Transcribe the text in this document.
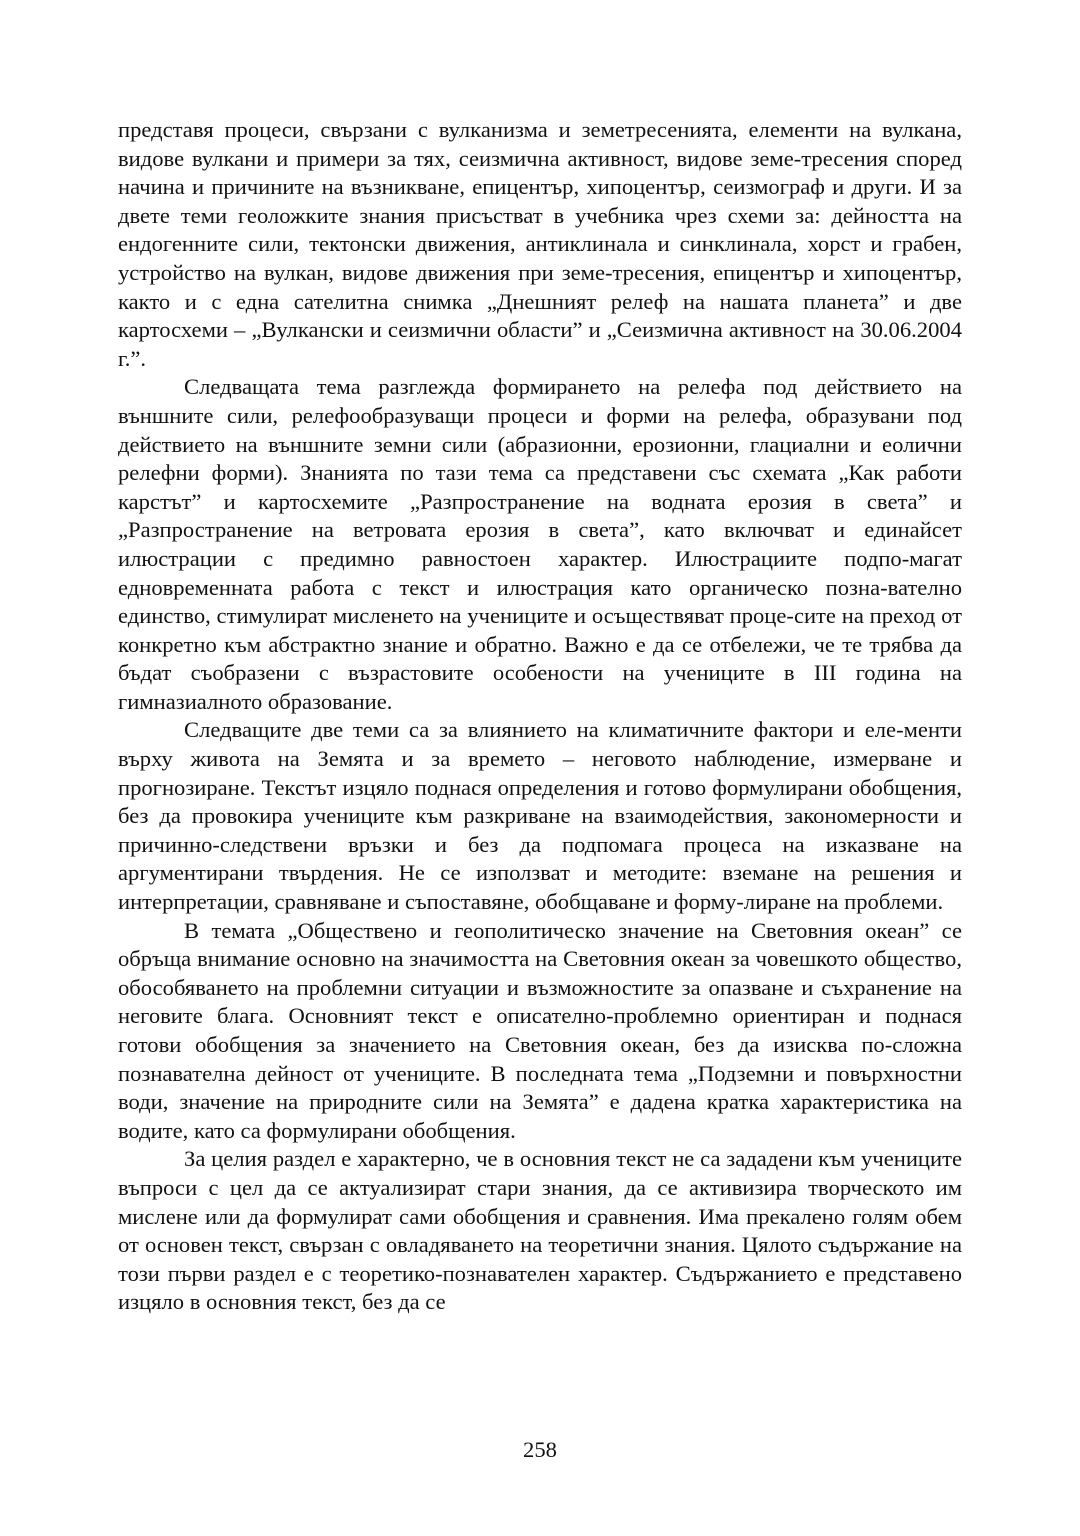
представя процеси, свързани с вулканизма и земетресенията, елементи на вулкана, видове вулкани и примери за тях, сеизмична активност, видове земе-тресения според начина и причините на възникване, епицентър, хипоцентър, сеизмограф и други. И за двете теми геоложките знания присъстват в учебника чрез схеми за: дейността на ендогенните сили, тектонски движения, антиклинала и синклинала, хорст и грабен, устройство на вулкан, видове движения при земе-тресения, епицентър и хипоцентър, както и с една сателитна снимка „Днешният релеф на нашата планета” и две картосхеми – „Вулкански и сеизмични области” и „Сеизмична активност на 30.06.2004 г.”.

Следващата тема разглежда формирането на релефа под действието на външните сили, релефообразуващи процеси и форми на релефа, образувани под действието на външните земни сили (абразионни, ерозионни, глациални и еолични релефни форми). Знанията по тази тема са представени със схемата „Как работи карстът” и картосхемите „Разпространение на водната ерозия в света” и „Разпространение на ветровата ерозия в света”, като включват и единайсет илюстрации с предимно равностоен характер. Илюстрациите подпо-магат едновременната работа с текст и илюстрация като органическо позна-вателно единство, стимулират мисленето на учениците и осъществяват проце-сите на преход от конкретно към абстрактно знание и обратно. Важно е да се отбележи, че те трябва да бъдат съобразени с възрастовите особености на учениците в III година на гимназиалното образование.

Следващите две теми са за влиянието на климатичните фактори и еле-менти върху живота на Земята и за времето – неговото наблюдение, измерване и прогнозиране. Текстът изцяло поднася определения и готово формулирани обобщения, без да провокира учениците към разкриване на взаимодействия, закономерности и причинно-следствени връзки и без да подпомага процеса на изказване на аргументирани твърдения. Не се използват и методите: вземане на решения и интерпретации, сравняване и съпоставяне, обобщаване и форму-лиране на проблеми.

В темата „Обществено и геополитическо значение на Световния океан” се обръща внимание основно на значимостта на Световния океан за човешкото общество, обособяването на проблемни ситуации и възможностите за опазване и съхранение на неговите блага. Основният текст е описателно-проблемно ориентиран и поднася готови обобщения за значението на Световния океан, без да изисква по-сложна познавателна дейност от учениците. В последната тема „Подземни и повърхностни води, значение на природните сили на Земята” е дадена кратка характеристика на водите, като са формулирани обобщения.

За целия раздел е характерно, че в основния текст не са зададени към учениците въпроси с цел да се актуализират стари знания, да се активизира творческото им мислене или да формулират сами обобщения и сравнения. Има прекалено голям обем от основен текст, свързан с овладяването на теоретични знания. Цялото съдържание на този първи раздел е с теоретико-познавателен характер. Съдържанието е представено изцяло в основния текст, без да се

258
